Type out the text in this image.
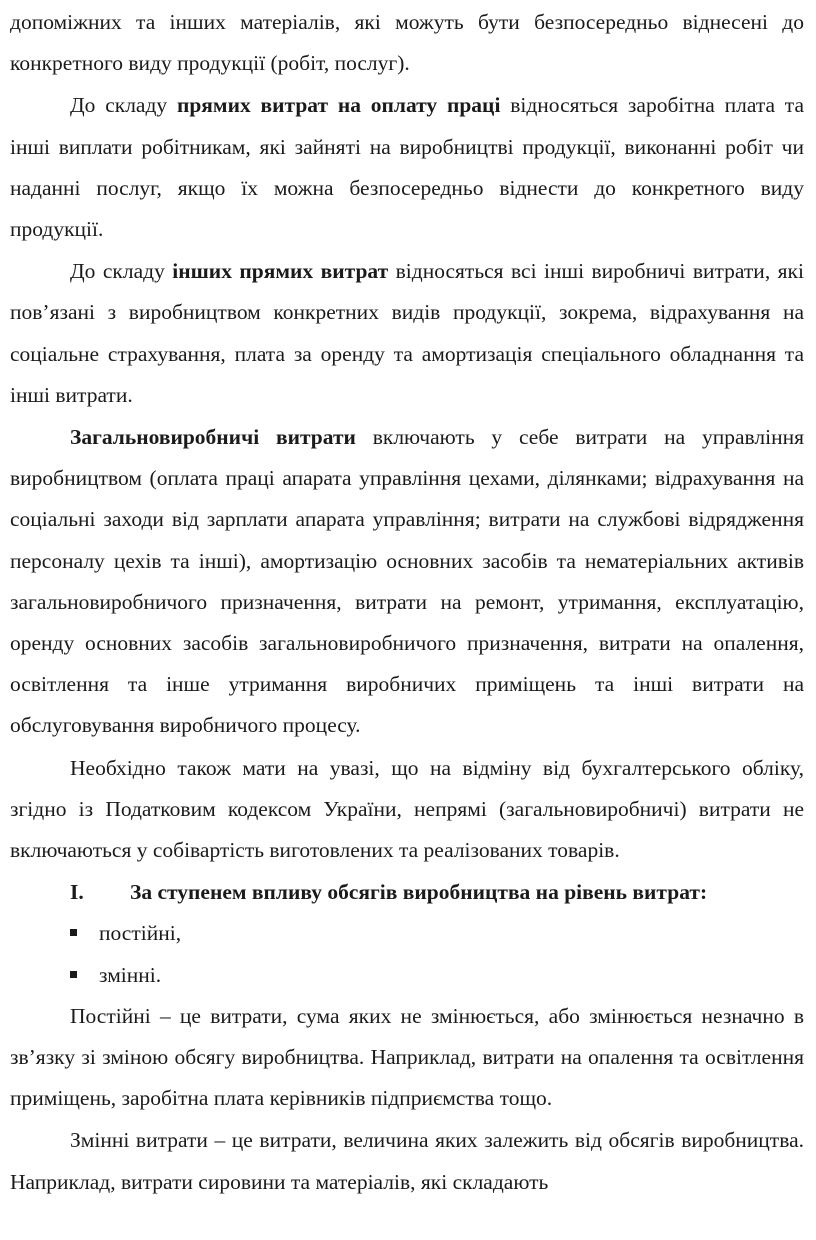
допоміжних та інших матеріалів, які можуть бути безпосередньо віднесені до конкретного виду продукції (робіт, послуг).

До складу прямих витрат на оплату праці відносяться заробітна плата та інші виплати робітникам, які зайняті на виробництві продукції, виконанні робіт чи наданні послуг, якщо їх можна безпосередньо віднести до конкретного виду продукції.

До складу інших прямих витрат відносяться всі інші виробничі витрати, які пов’язані з виробництвом конкретних видів продукції, зокрема, відрахування на соціальне страхування, плата за оренду та амортизація спеціального обладнання та інші витрати.

Загальновиробничі витрати включають у себе витрати на управління виробництвом (оплата праці апарата управління цехами, ділянками; відрахування на соціальні заходи від зарплати апарата управління; витрати на службові відрядження персоналу цехів та інші), амортизацію основних засобів та нематеріальних активів загальновиробничого призначення, витрати на ремонт, утримання, експлуатацію, оренду основних засобів загальновиробничого призначення, витрати на опалення, освітлення та інше утримання виробничих приміщень та інші витрати на обслуговування виробничого процесу.

Необхідно також мати на увазі, що на відміну від бухгалтерського обліку, згідно із Податковим кодексом України, непрямі (загальновиробничі) витрати не включаються у собівартість виготовлених та реалізованих товарів.

I.	За ступенем впливу обсягів виробництва на рівень витрат:
постійні,
змінні.

Постійні – це витрати, сума яких не змінюється, або змінюється незначно в зв’язку зі зміною обсягу виробництва. Наприклад, витрати на опалення та освітлення приміщень, заробітна плата керівників підприємства тощо.

Змінні витрати – це витрати, величина яких залежить від обсягів виробництва. Наприклад, витрати сировини та матеріалів, які складають
